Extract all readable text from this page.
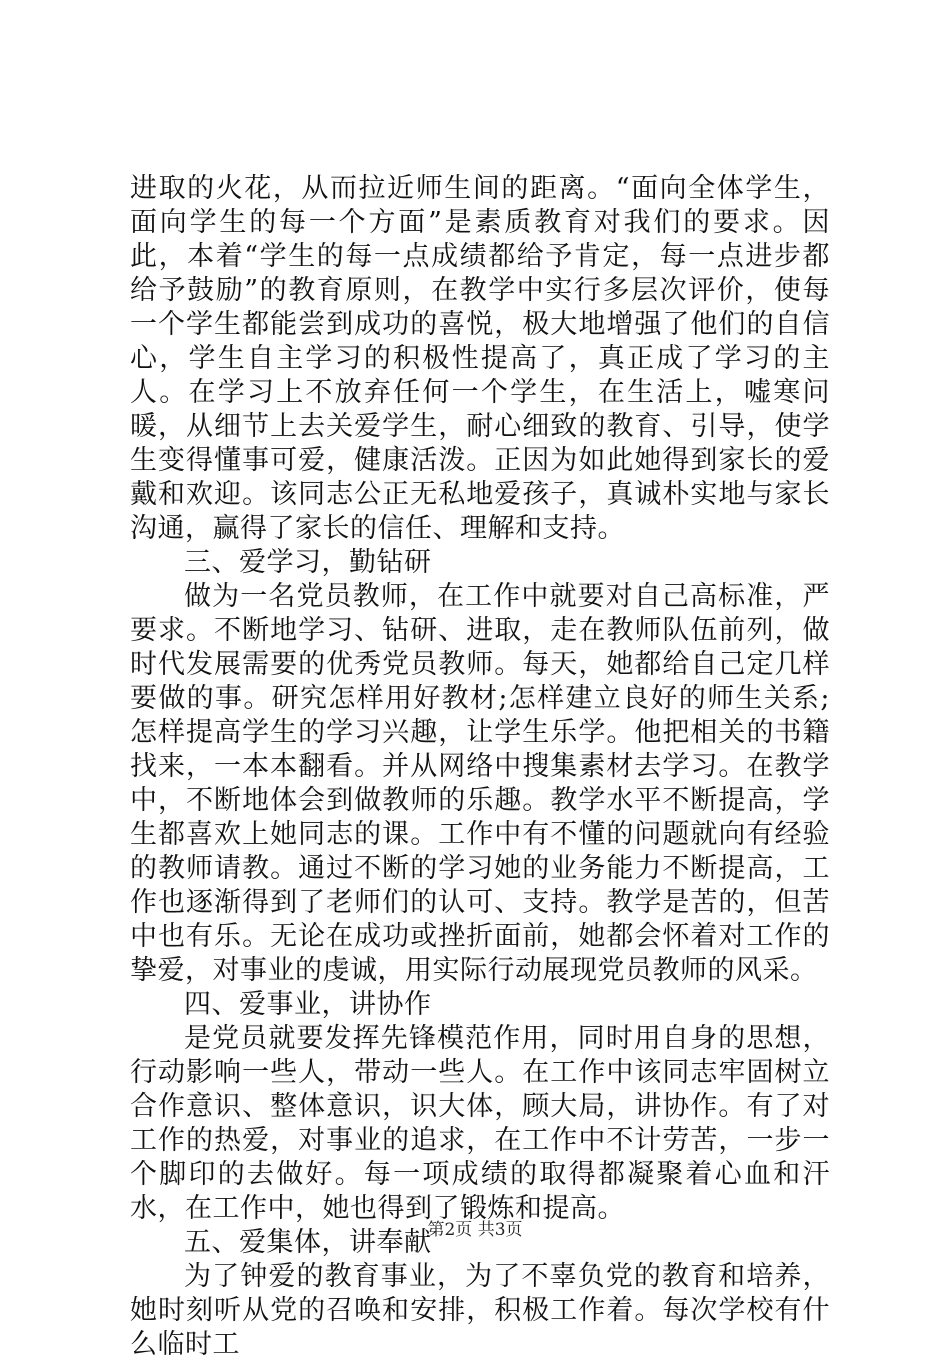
进取的火花，从而拉近师生间的距离。“面向全体学生，面向学生的每一个方面”是素质教育对我们的要求。因此，本着“学生的每一点成绩都给予肯定，每一点进步都给予鼓励”的教育原则，在教学中实行多层次评价，使每一个学生都能尝到成功的喜悦，极大地增强了他们的自信心，学生自主学习的积极性提高了，真正成了学习的主人。在学习上不放弃任何一个学生，在生活上，嘘寒问暖，从细节上去关爱学生，耐心细致的教育、引导，使学生变得懂事可爱，健康活泼。正因为如此她得到家长的爱戴和欢迎。该同志公正无私地爱孩子，真诚朴实地与家长沟通，赢得了家长的信任、理解和支持。

三、爱学习，勤钻研

做为一名党员教师，在工作中就要对自己高标准，严要求。不断地学习、钻研、进取，走在教师队伍前列，做时代发展需要的优秀党员教师。每天，她都给自己定几样要做的事。研究怎样用好教材;怎样建立良好的师生关系;怎样提高学生的学习兴趣，让学生乐学。他把相关的书籍找来，一本本翻看。并从网络中搜集素材去学习。在教学中，不断地体会到做教师的乐趣。教学水平不断提高，学生都喜欢上她同志的课。工作中有不懂的问题就向有经验的教师请教。通过不断的学习她的业务能力不断提高，工作也逐渐得到了老师们的认可、支持。教学是苦的，但苦中也有乐。无论在成功或挫折面前，她都会怀着对工作的挚爱，对事业的虔诚，用实际行动展现党员教师的风采。

四、爱事业，讲协作

是党员就要发挥先锋模范作用，同时用自身的思想，行动影响一些人，带动一些人。在工作中该同志牢固树立合作意识、整体意识，识大体，顾大局，讲协作。有了对工作的热爱，对事业的追求，在工作中不计劳苦，一步一个脚印的去做好。每一项成绩的取得都凝聚着心血和汗水，在工作中，她也得到了锻炼和提高。

五、爱集体，讲奉献

为了钟爱的教育事业，为了不辜负党的教育和培养，她时刻听从党的召唤和安排，积极工作着。每次学校有什么临时工

第2页 共3页
